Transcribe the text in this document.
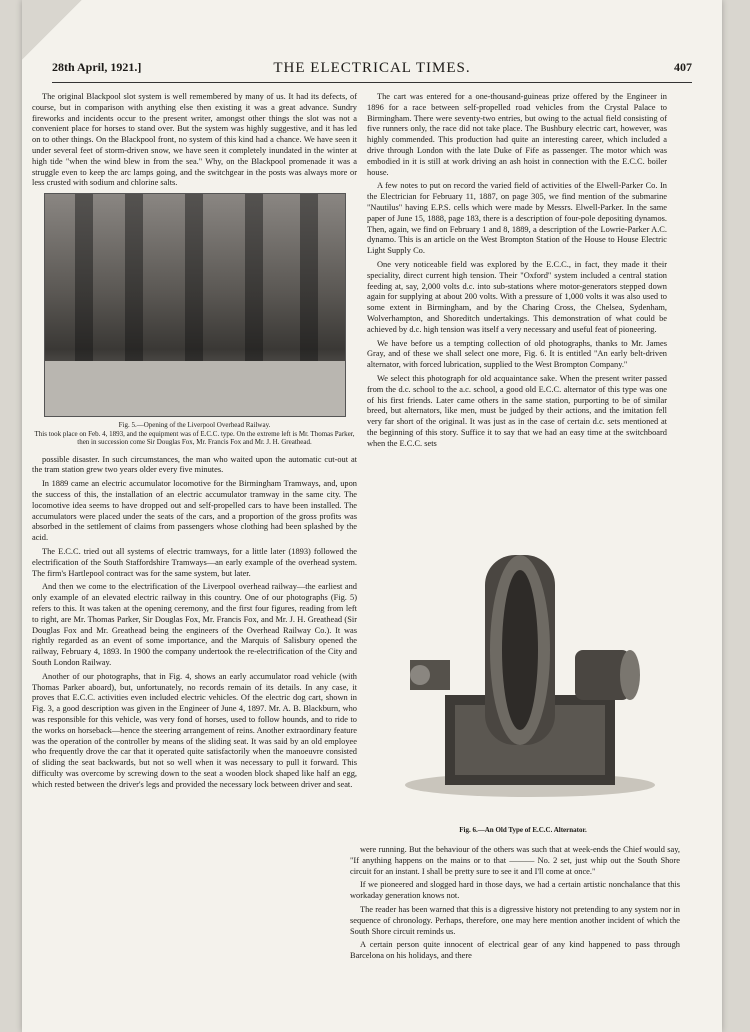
28th April, 1921.]	THE ELECTRICAL TIMES.	407

The original Blackpool slot system is well remembered by many of us. It had its defects, of course, but in comparison with anything else then existing it was a great advance. Sundry fireworks and incidents occur to the present writer, amongst other things the slot was not a convenient place for horses to stand over. But the system was highly suggestive, and it has led on to other things. On the Blackpool front, no system of this kind had a chance. We have seen it under several feet of storm-driven snow, we have seen it completely inundated in the winter at high tide "when the wind blew in from the sea." Why, on the Blackpool promenade it was a struggle even to keep the arc lamps going, and the switchgear in the posts was always more or less crusted with sodium and chlorine salts.

Fig. 5.—Opening of the Liverpool Overhead Railway.
This took place on Feb. 4, 1893, and the equipment was of E.C.C. type. On the extreme left is Mr. Thomas Parker, then in succession come Sir Douglas Fox, Mr. Francis Fox and Mr. J. H. Greathead.

possible disaster. In such circumstances, the man who waited upon the automatic cut-out at the tram station grew two years older every five minutes.

In 1889 came an electric accumulator locomotive for the Birmingham Tramways, and, upon the success of this, the installation of an electric accumulator tramway in the same city. The locomotive idea seems to have dropped out and self-propelled cars to have been installed. The accumulators were placed under the seats of the cars, and a proportion of the gross profits was absorbed in the settlement of claims from passengers whose clothing had been splashed by the acid.

The E.C.C. tried out all systems of electric tramways, for a little later (1893) followed the electrification of the South Staffordshire Tramways—an early example of the overhead system. The firm's Hartlepool contract was for the same system, but later.

And then we come to the electrification of the Liverpool overhead railway—the earliest and only example of an elevated electric railway in this country. One of our photographs (Fig. 5) refers to this. It was taken at the opening ceremony, and the first four figures, reading from left to right, are Mr. Thomas Parker, Sir Douglas Fox, Mr. Francis Fox, and Mr. J. H. Greathead (Sir Douglas Fox and Mr. Greathead being the engineers of the Overhead Railway Co.). It was rightly regarded as an event of some importance, and the Marquis of Salisbury opened the railway, February 4, 1893. In 1900 the company undertook the re-electrification of the City and South London Railway.

Another of our photographs, that in Fig. 4, shows an early accumulator road vehicle (with Thomas Parker aboard), but, unfortunately, no records remain of its details. In any case, it proves that E.C.C. activities even included electric vehicles. Of the electric dog cart, shown in Fig. 3, a good description was given in the Engineer of June 4, 1897. Mr. A. B. Blackburn, who was responsible for this vehicle, was very fond of horses, used to follow hounds, and to ride to the works on horseback—hence the steering arrangement of reins. Another extraordinary feature was the operation of the controller by means of the sliding seat. It was said by an old employee who frequently drove the car that it operated quite satisfactorily when the manoeuvre consisted of sliding the seat backwards, but not so well when it was necessary to pull it forward. This difficulty was overcome by screwing down to the seat a wooden block shaped like half an egg, which rested between the driver's legs and provided the necessary lock between driver and seat.

The cart was entered for a one-thousand-guineas prize offered by the Engineer in 1896 for a race between self-propelled road vehicles from the Crystal Palace to Birmingham. There were seventy-two entries, but owing to the actual field consisting of five runners only, the race did not take place. The Bushbury electric cart, however, was highly commended. This production had quite an interesting career, which included a drive through London with the late Duke of Fife as passenger. The motor which was embodied in it is still at work driving an ash hoist in connection with the E.C.C. boiler house.

A few notes to put on record the varied field of activities of the Elwell-Parker Co. In the Electrician for February 11, 1887, on page 305, we find mention of the submarine "Nautilus" having E.P.S. cells which were made by Messrs. Elwell-Parker. In the same paper of June 15, 1888, page 183, there is a description of four-pole depositing dynamos. Then, again, we find on February 1 and 8, 1889, a description of the Lowrie-Parker A.C. dynamo. This is an article on the West Brompton Station of the House to House Electric Light Supply Co.

One very noticeable field was explored by the E.C.C., in fact, they made it their speciality, direct current high tension. Their "Oxford" system included a central station feeding at, say, 2,000 volts d.c. into sub-stations where motor-generators stepped down again for supplying at about 200 volts. With a pressure of 1,000 volts it was also used to some extent in Birmingham, and by the Charing Cross, the Chelsea, Sydenham, Wolverhampton, and Shoreditch undertakings. This demonstration of what could be achieved by d.c. high tension was itself a very necessary and useful feat of pioneering.

We have before us a tempting collection of old photographs, thanks to Mr. James Gray, and of these we shall select one more, Fig. 6. It is entitled "An early belt-driven alternator, with forced lubrication, supplied to the West Brompton Company."

We select this photograph for old acquaintance sake. When the present writer passed from the d.c. school to the a.c. school, a good old E.C.C. alternator of this type was one of his first friends. Later came others in the same station, purporting to be of similar breed, but alternators, like men, must be judged by their actions, and the imitation fell very far short of the original. It was just as in the case of certain d.c. sets mentioned at the beginning of this story. Suffice it to say that we had an easy time at the switchboard when the E.C.C. sets

Fig. 6.—An Old Type of E.C.C. Alternator.

were running. But the behaviour of the others was such that at week-ends the Chief would say, "If anything happens on the mains or to that ——— No. 2 set, just whip out the South Shore circuit for an instant. I shall be pretty sure to see it and I'll come at once."

If we pioneered and slogged hard in those days, we had a certain artistic nonchalance that this workaday generation knows not.

The reader has been warned that this is a digressive history not pretending to any system nor in sequence of chronology. Perhaps, therefore, one may here mention another incident of which the South Shore circuit reminds us.

A certain person quite innocent of electrical gear of any kind happened to pass through Barcelona on his holidays, and there
